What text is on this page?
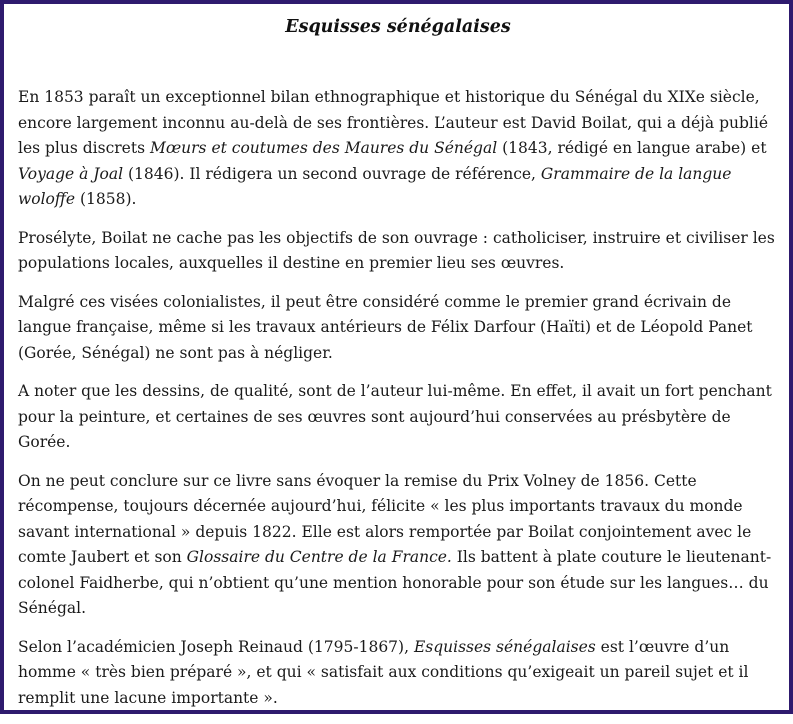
Esquisses sénégalaises

En 1853 paraît un exceptionnel bilan ethnographique et historique du Sénégal du XIXe siècle, encore largement inconnu au-delà de ses frontières. L’auteur est David Boilat, qui a déjà publié les plus discrets Mœurs et coutumes des Maures du Sénégal (1843, rédigé en langue arabe) et Voyage à Joal (1846). Il rédigera un second ouvrage de référence, Grammaire de la langue woloffe (1858).

Prosélyte, Boilat ne cache pas les objectifs de son ouvrage : catholiciser, instruire et civiliser les populations locales, auxquelles il destine en premier lieu ses œuvres.

Malgré ces visées colonialistes, il peut être considéré comme le premier grand écrivain de langue française, même si les travaux antérieurs de Félix Darfour (Haïti) et de Léopold Panet (Gorée, Sénégal) ne sont pas à négliger.

A noter que les dessins, de qualité, sont de l’auteur lui-même. En effet, il avait un fort penchant pour la peinture, et certaines de ses œuvres sont aujourd’hui conservées au présbytère de Gorée.

On ne peut conclure sur ce livre sans évoquer la remise du Prix Volney de 1856. Cette récompense, toujours décernée aujourd’hui, félicite « les plus importants travaux du monde savant international » depuis 1822. Elle est alors remportée par Boilat conjointement avec le comte Jaubert et son Glossaire du Centre de la France. Ils battent à plate couture le lieutenant-colonel Faidherbe, qui n’obtient qu’une mention honorable pour son étude sur les langues… du Sénégal.

Selon l’académicien Joseph Reinaud (1795-1867), Esquisses sénégalaises est l’œuvre d’un homme « très bien préparé », et qui « satisfait aux conditions qu’exigeait un pareil sujet et il remplit une lacune importante ».
